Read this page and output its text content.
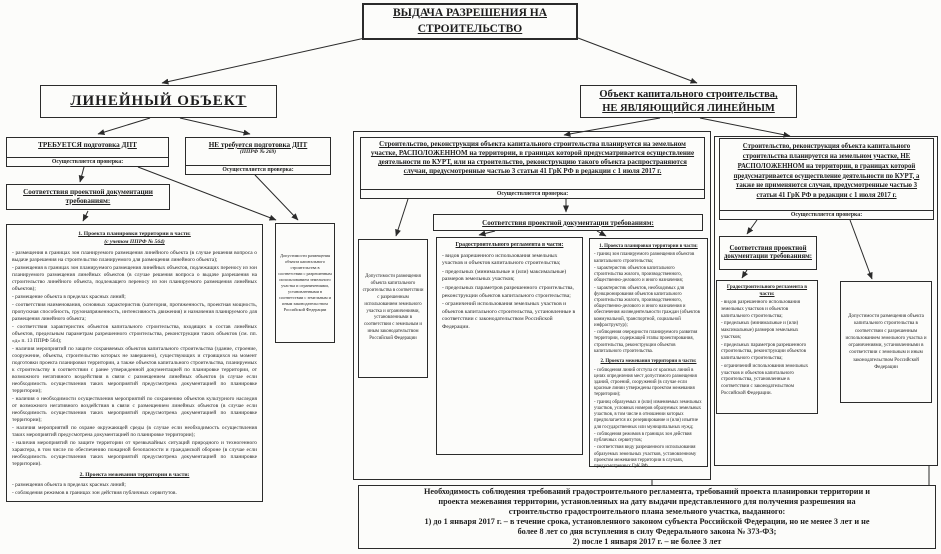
ВЫДАЧА РАЗРЕШЕНИЯ НА СТРОИТЕЛЬСТВО
ЛИНЕЙНЫЙ ОБЪЕКТ	Объект капитального строительства,
НЕ ЯВЛЯЮЩИЙСЯ ЛИНЕЙНЫМ
ТРЕБУЕТСЯ подготовка ДПТ
Осуществляется проверка:
НЕ требуется подготовка ДПТ
(ППРФ № 269)
Осуществляется проверка:
Соответствия проектной документации требованиям:
1. Проекта планировки территории в части:
(с учетом ППРФ № 564)
- размещения в границах зон планируемого размещения линейного объекта (в случае решения вопроса о выдаче разрешения на строительство планируемого для размещения линейного объекта);
- размещения в границах зон планируемого размещения линейных объектов, подлежащих переносу из зон планируемого размещения линейных объектов (в случае решения вопроса о выдаче разрешения на строительство линейного объекта, подлежащего переносу из зон планируемого размещения линейных объектов);
- размещение объекта в пределах красных линий;
- соответствия наименования, основных характеристик (категория, протяженность, проектная мощность, пропускная способность, грузонапряженность, интенсивность движения) и назначения планируемого для размещения линейного объекта;
- соответствия характеристик объектов капитального строительства, входящих в состав линейных объектов, предельным параметрам разрешенного строительства, реконструкции таких объектов (см. пп. «д» п. 13 ППРФ 564);
- наличия мероприятий по защите сохраняемых объектов капитального строительства (здание, строение, сооружение, объекты, строительство которых не завершено), существующих и строящихся на момент подготовки проекта планировки территории, а также объектов капитального строительства, планируемых к строительству в соответствии с ранее утвержденной документацией по планировке территории, от возможного негативного воздействия в связи с размещением линейных объектов (в случае если необходимость осуществления таких мероприятий предусмотрена документацией по планировке территории);
- наличия о необходимости осуществления мероприятий по сохранению объектов культурного наследия от возможного негативного воздействия в связи с размещением линейных объектов (в случае если необходимость осуществления таких мероприятий предусмотрена документацией по планировке территории);
- наличия мероприятий по охране окружающей среды (в случае если необходимость осуществления таких мероприятий предусмотрена документацией по планировке территории);
- наличия мероприятий по защите территории от чрезвычайных ситуаций природного и техногенного характера, в том числе по обеспечению пожарной безопасности и гражданской обороне (в случае если необходимость осуществления таких мероприятий предусмотрена документацией по планировке территории).
2. Проекта межевания территории в части:
- размещения объекта в пределах красных линий;
- соблюдения режимов в границах зон действия публичных сервитутов.
Допустимости размещения объекта капитального строительства в соответствии с разрешенным использованием земельного участка и ограничениями, установленными в соответствии с земельным и иным законодательством Российской Федерации
Строительство, реконструкция объекта капитального строительства планируется на земельном участке, РАСПОЛОЖЕННОМ на территории, в границах которой предусматривается осуществление деятельности по КУРТ, или на строительство, реконструкцию такого объекта распространяются случаи, предусмотренные частью 3 статьи 41 ГрК РФ в редакции с 1 июля 2017 г.
Осуществляется проверка:
Соответствия проектной документации требованиям:
Допустимости размещения объекта капитального строительства в соответствии с разрешенным использованием земельного участка и ограничениями, установленными в соответствии с земельным и иным законодательством Российской Федерации
Градостроительного регламента в части:
- видов разрешенного использования земельных участков и объектов капитального строительства;
- предельных (минимальные и (или) максимальные) размеров земельных участков;
- предельных параметров разрешенного строительства, реконструкции объектов капитального строительства;
- ограничений использования земельных участков и объектов капитального строительства, установленные в соответствии с законодательством Российской Федерации.
1. Проекта планировки территории в части:
- границ зон планируемого размещения объектов капитального строительства;
- характеристик объектов капитального строительства жилого, производственного, общественно-делового и иного назначения;
- характеристик объектов, необходимых для функционирования объектов капитального строительства жилого, производственного, общественно-делового и иного назначения и обеспечения жизнедеятельности граждан (объектов коммунальной, транспортной, социальной инфраструктур);
- соблюдения очередности планируемого развития территории, содержащей этапы проектирования, строительства, реконструкции объектов капитального строительства.
2. Проекта межевания территории в части:
- соблюдения линий отступа от красных линий в целях определения мест допустимого размещения зданий, строений, сооружений (в случае если красные линии утверждены проектом межевания территории);
- границ образуемых и (или) изменяемых земельных участков, условных номеров образуемых земельных участков, в том числе в отношении которых предполагается их резервирование и (или) изъятие для государственных или муниципальных нужд;
- соблюдения режимов в границах зон действия публичных сервитутов;
- соответствия виду разрешенного использования образуемых земельных участков, установленному проектом межевания территории в случаях, предусмотренных ГрК РФ.
Строительство, реконструкция объекта капитального строительства планируется на земельном участке, НЕ РАСПОЛОЖЕННОМ на территории, в границах которой предусматривается осуществление деятельности по КУРТ, а также не применяются случаи, предусмотренные частью 3 статьи 41 ГрК РФ в редакции с 1 июля 2017 г.
Осуществляется проверка:
Соответствия проектной документации требованиям:
Градостроительного регламента в части:
- видов разрешенного использования земельных участков и объектов капитального строительства;
- предельных (минимальные и (или) максимальные) размеров земельных участков;
- предельных параметров разрешенного строительства, реконструкции объектов капитального строительства;
- ограничений использования земельных участков и объектов капитального строительства, установленные в соответствии с законодательством Российской Федерации.
Допустимости размещения объекта капитального строительства в соответствии с разрешенным использованием земельного участка и ограничениями, установленными в соответствии с земельным и иным законодательством Российской Федерации
Необходимость соблюдения требований градостроительного регламента, требований проекта планировки территории и
проекта межевания территории, установленных на дату выдачи представленного для получения разрешения на
строительство градостроительного плана земельного участка, выданного:
1) до 1 января 2017 г. – в течение срока, установленного законом субъекта Российской Федерации, но не менее 3 лет и не
более 8 лет со дня вступления в силу Федерального закона № 373-ФЗ;
2) после 1 января 2017 г. – не более 3 лет
